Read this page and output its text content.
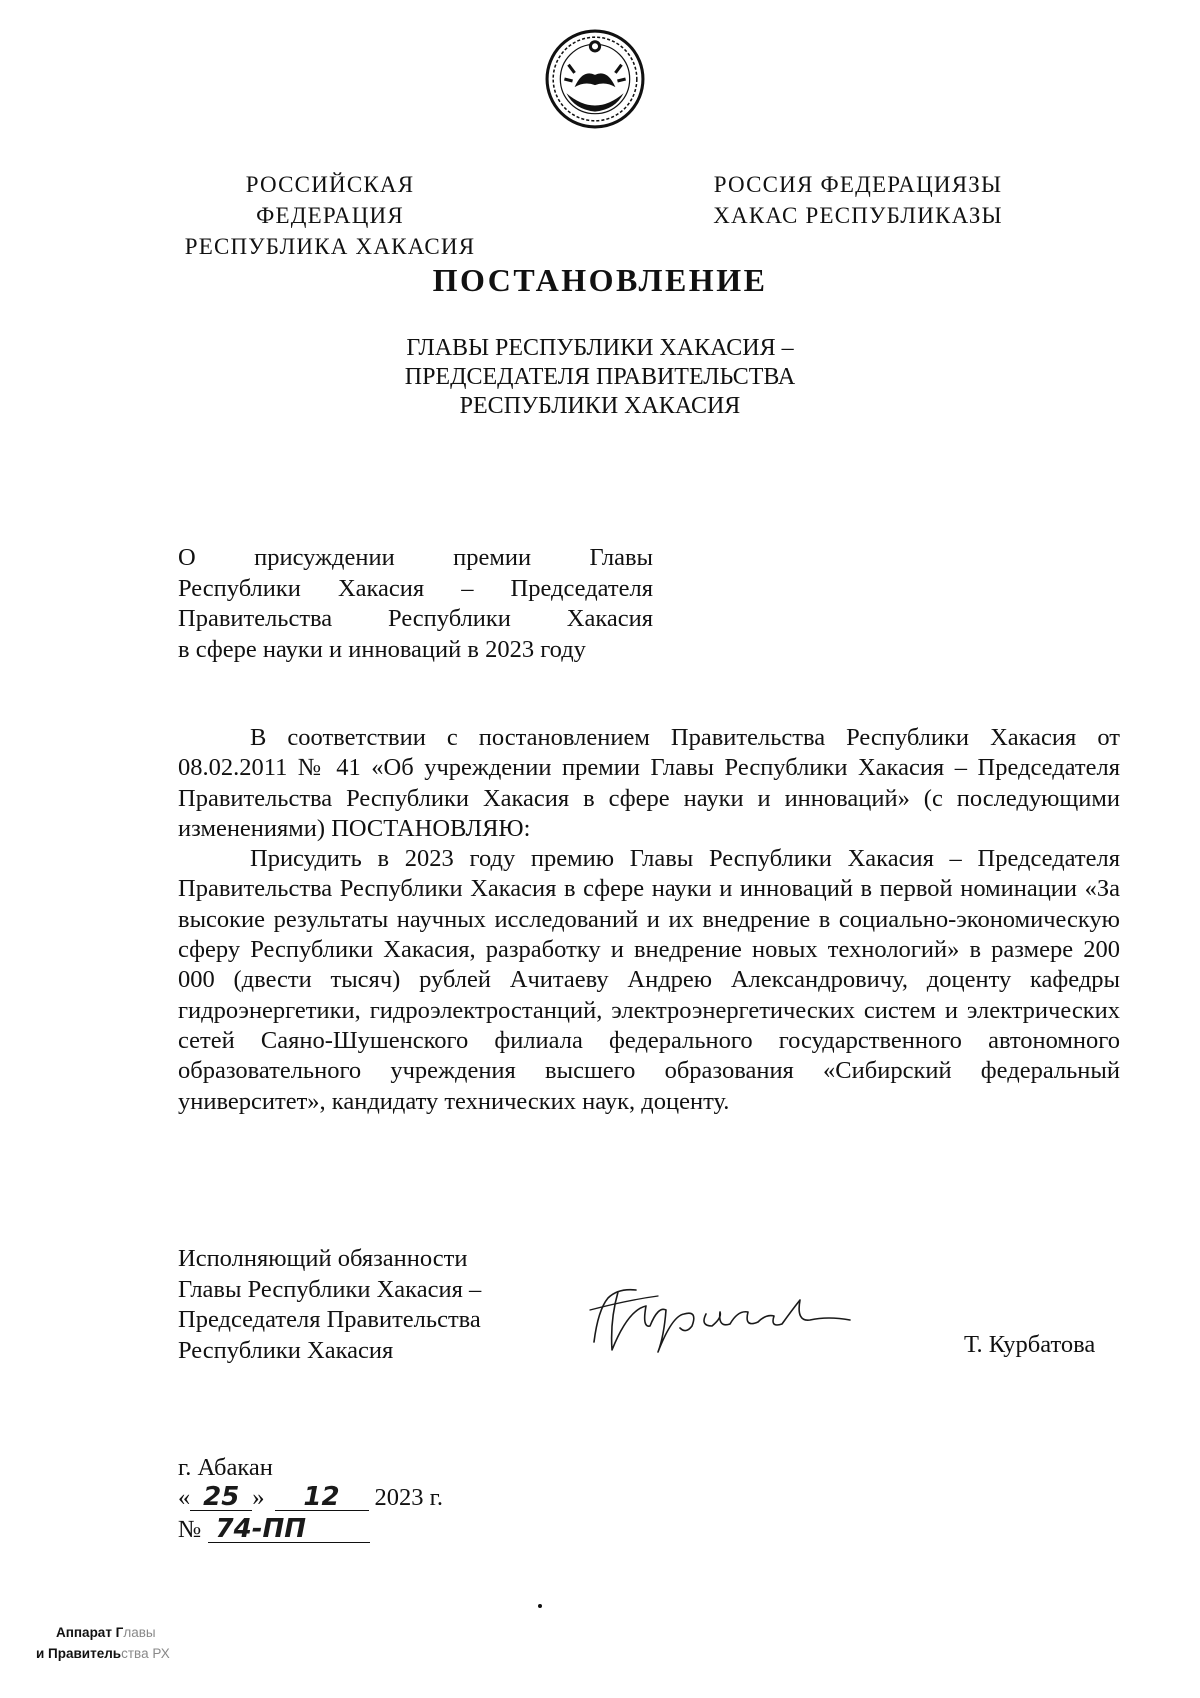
РОССИЙСКАЯ ФЕДЕРАЦИЯ
РЕСПУБЛИКА ХАКАСИЯ
РОССИЯ ФЕДЕРАЦИЯЗЫ
ХАКАС РЕСПУБЛИКАЗЫ
ПОСТАНОВЛЕНИЕ
ГЛАВЫ РЕСПУБЛИКИ ХАКАСИЯ –
ПРЕДСЕДАТЕЛЯ ПРАВИТЕЛЬСТВА
РЕСПУБЛИКИ ХАКАСИЯ
О присуждении премии Главы
Республики Хакасия – Председателя
Правительства Республики Хакасия
в сфере науки и инноваций в 2023 году

В соответствии с постановлением Правительства Республики Хакасия от 08.02.2011 № 41 «Об учреждении премии Главы Республики Хакасия – Председателя Правительства Республики Хакасия в сфере науки и инноваций» (с последующими изменениями) ПОСТАНОВЛЯЮ:

Присудить в 2023 году премию Главы Республики Хакасия – Председателя Правительства Республики Хакасия в сфере науки и инноваций в первой номинации «За высокие результаты научных исследований и их внедрение в социально-экономическую сферу Республики Хакасия, разработку и внедрение новых технологий» в размере 200 000 (двести тысяч) рублей Ачитаеву Андрею Александровичу, доценту кафедры гидроэнергетики, гидроэлектростанций, электроэнергетических систем и электрических сетей Саяно-Шушенского филиала федерального государственного автономного образовательного учреждения высшего образования «Сибирский федеральный университет», кандидату технических наук, доценту.

Исполняющий обязанности
Главы Республики Хакасия –
Председателя Правительства
Республики Хакасия	Т. Курбатова
г. Абакан
« 25 » 12 2023 г.
№ 74-ПП
Аппарат Главы
и Правительства РХ
